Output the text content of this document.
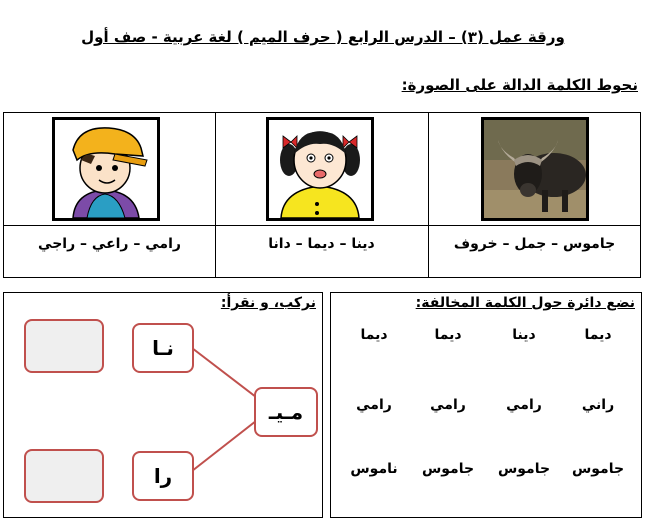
ورقة عمل (٣) – الدرس الرابع ( حرف الميم ) لغة عربية - صف أول
نحوط الكلمة الدالة على الصورة:
جاموس – جمل – خروف
دينا – ديما – دانا
رامي – راعي – راجي
نركب، و نقرأ:
نـا
را
مـيـ
نضع دائرة حول الكلمة المخالفة:
ديما
دينا
ديما
ديما
راني
رامي
رامي
رامي
جاموس
جاموس
جاموس
ناموس
